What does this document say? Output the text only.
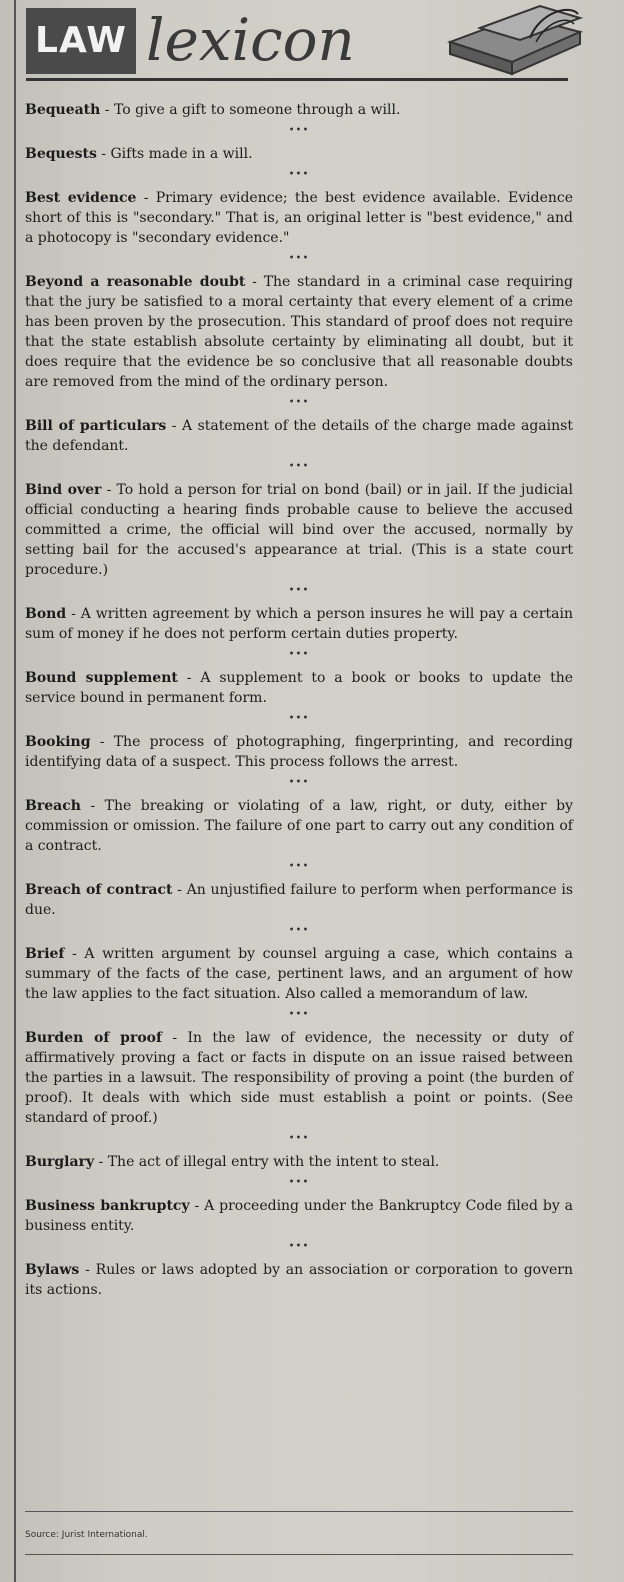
LAW lexicon

Bequeath - To give a gift to someone through a will.

•••

Bequests - Gifts made in a will.

•••

Best evidence - Primary evidence; the best evidence available. Evidence short of this is "secondary." That is, an original letter is "best evidence," and a photocopy is "secondary evidence."

•••

Beyond a reasonable doubt - The standard in a criminal case requiring that the jury be satisfied to a moral certainty that every element of a crime has been proven by the prosecution. This standard of proof does not require that the state establish absolute certainty by eliminating all doubt, but it does require that the evidence be so conclusive that all reasonable doubts are removed from the mind of the ordinary person.

•••

Bill of particulars - A statement of the details of the charge made against the defendant.

•••

Bind over - To hold a person for trial on bond (bail) or in jail. If the judicial official conducting a hearing finds probable cause to believe the accused committed a crime, the official will bind over the accused, normally by setting bail for the accused's appearance at trial. (This is a state court procedure.)

•••

Bond - A written agreement by which a person insures he will pay a certain sum of money if he does not perform certain duties property.

•••

Bound supplement - A supplement to a book or books to update the service bound in permanent form.

•••

Booking - The process of photographing, fingerprinting, and recording identifying data of a suspect. This process follows the arrest.

•••

Breach - The breaking or violating of a law, right, or duty, either by commission or omission. The failure of one part to carry out any condition of a contract.

•••

Breach of contract - An unjustified failure to perform when performance is due.

•••

Brief - A written argument by counsel arguing a case, which contains a summary of the facts of the case, pertinent laws, and an argument of how the law applies to the fact situation. Also called a memorandum of law.

•••

Burden of proof - In the law of evidence, the necessity or duty of affirmatively proving a fact or facts in dispute on an issue raised between the parties in a lawsuit. The responsibility of proving a point (the burden of proof). It deals with which side must establish a point or points. (See standard of proof.)

•••

Burglary - The act of illegal entry with the intent to steal.

•••

Business bankruptcy - A proceeding under the Bankruptcy Code filed by a business entity.

•••

Bylaws - Rules or laws adopted by an association or corporation to govern its actions.

Source: Jurist International.
